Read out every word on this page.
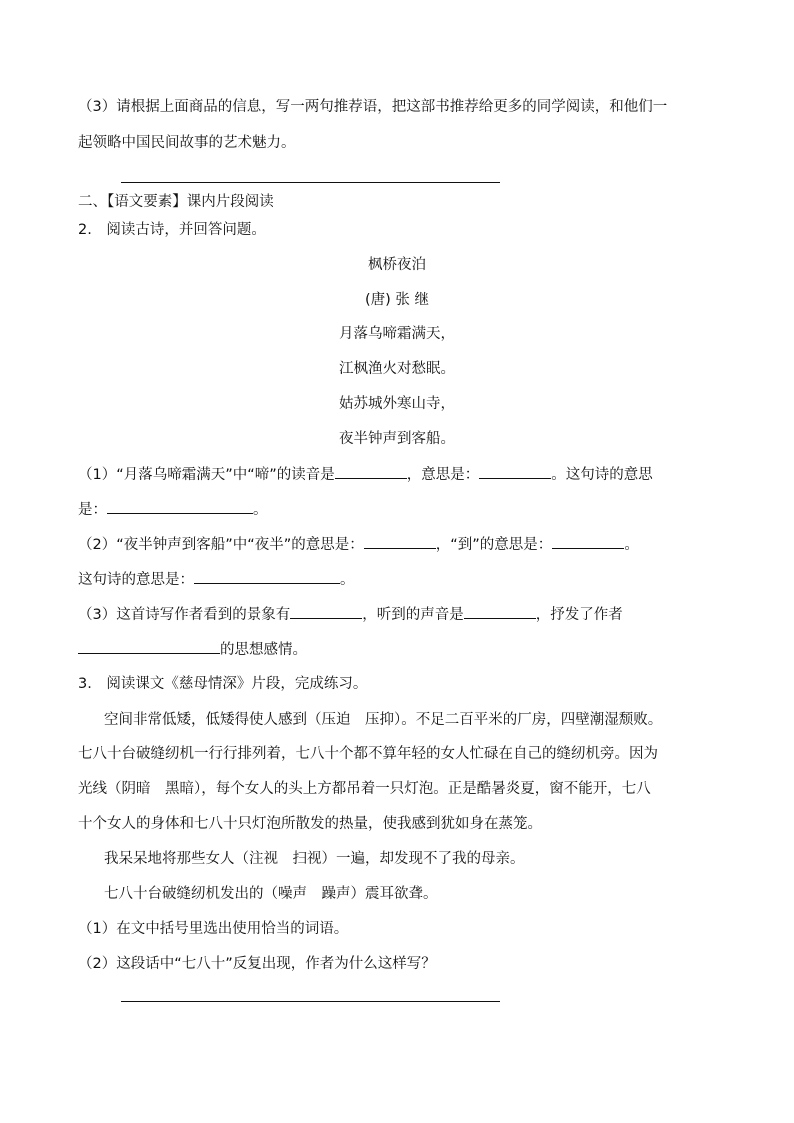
（3）请根据上面商品的信息，写一两句推荐语，把这部书推荐给更多的同学阅读，和他们一
起领略中国民间故事的艺术魅力。
二、【语文要素】课内片段阅读
2.　阅读古诗，并回答问题。
枫桥夜泊
(唐) 张 继
月落乌啼霜满天，
江枫渔火对愁眠。
姑苏城外寒山寺，
夜半钟声到客船。
（1）“月落乌啼霜满天”中“啼”的读音是	，意思是：	。这句诗的意思
是：	。
（2）“夜半钟声到客船”中“夜半”的意思是：	，“到”的意思是：	。
这句诗的意思是：	。
（3）这首诗写作者看到的景象有	，听到的声音是	，抒发了作者
的思想感情。
3.　阅读课文《慈母情深》片段，完成练习。
空间非常低矮，低矮得使人感到（压迫　压抑）。不足二百平米的厂房，四壁潮湿颓败。
七八十台破缝纫机一行行排列着，七八十个都不算年轻的女人忙碌在自己的缝纫机旁。因为
光线（阴暗　黑暗），每个女人的头上方都吊着一只灯泡。正是酷暑炎夏，窗不能开，七八
十个女人的身体和七八十只灯泡所散发的热量，使我感到犹如身在蒸笼。
我呆呆地将那些女人（注视　扫视）一遍，却发现不了我的母亲。
七八十台破缝纫机发出的（噪声　躁声）震耳欲聋。
（1）在文中括号里选出使用恰当的词语。
（2）这段话中“七八十”反复出现，作者为什么这样写？
